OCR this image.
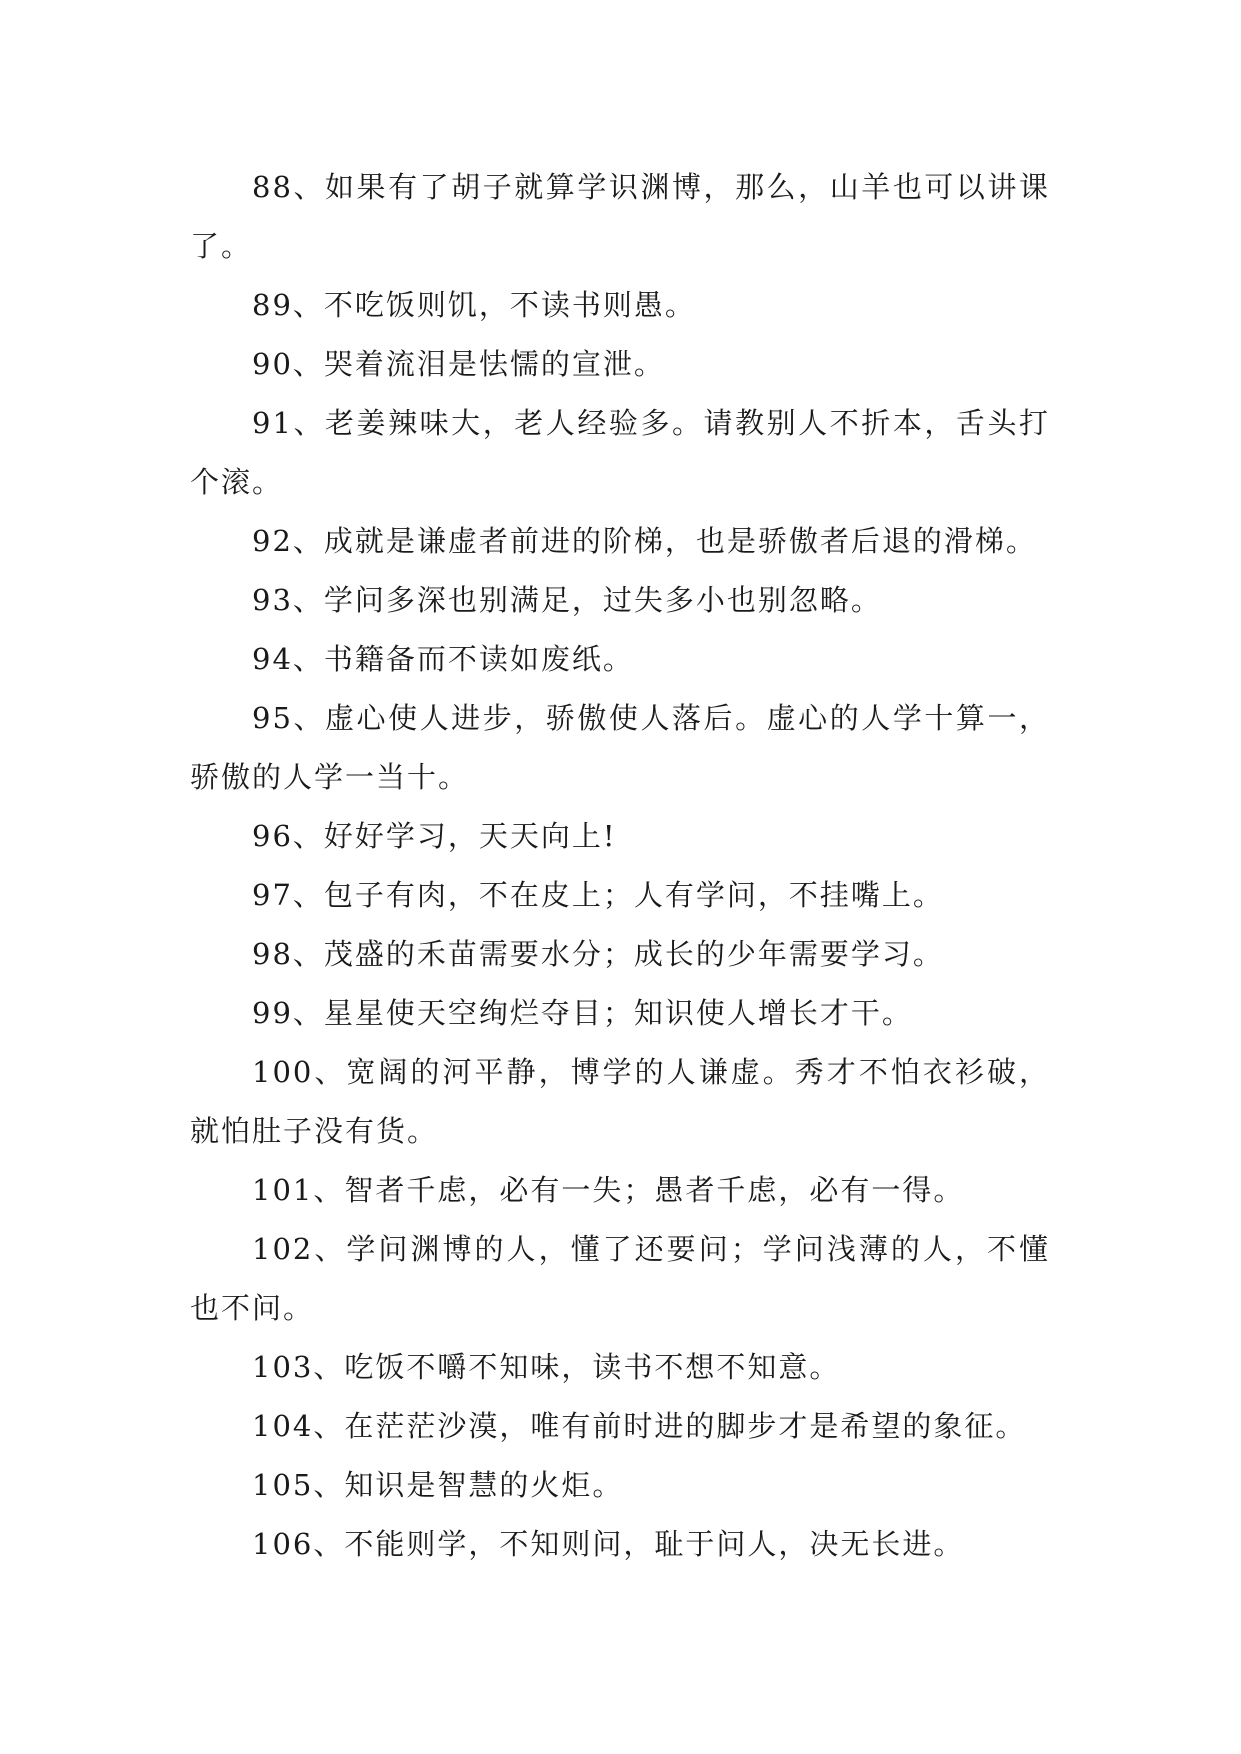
88、如果有了胡子就算学识渊博，那么，山羊也可以讲课了。

89、不吃饭则饥，不读书则愚。

90、哭着流泪是怯懦的宣泄。

91、老姜辣味大，老人经验多。请教别人不折本，舌头打个滚。

92、成就是谦虚者前进的阶梯，也是骄傲者后退的滑梯。

93、学问多深也别满足，过失多小也别忽略。

94、书籍备而不读如废纸。

95、虚心使人进步，骄傲使人落后。虚心的人学十算一，骄傲的人学一当十。

96、好好学习，天天向上!

97、包子有肉，不在皮上；人有学问，不挂嘴上。

98、茂盛的禾苗需要水分；成长的少年需要学习。

99、星星使天空绚烂夺目；知识使人增长才干。

100、宽阔的河平静，博学的人谦虚。秀才不怕衣衫破，就怕肚子没有货。

101、智者千虑，必有一失；愚者千虑，必有一得。

102、学问渊博的人，懂了还要问；学问浅薄的人，不懂也不问。

103、吃饭不嚼不知味，读书不想不知意。

104、在茫茫沙漠，唯有前时进的脚步才是希望的象征。

105、知识是智慧的火炬。

106、不能则学，不知则问，耻于问人，决无长进。
